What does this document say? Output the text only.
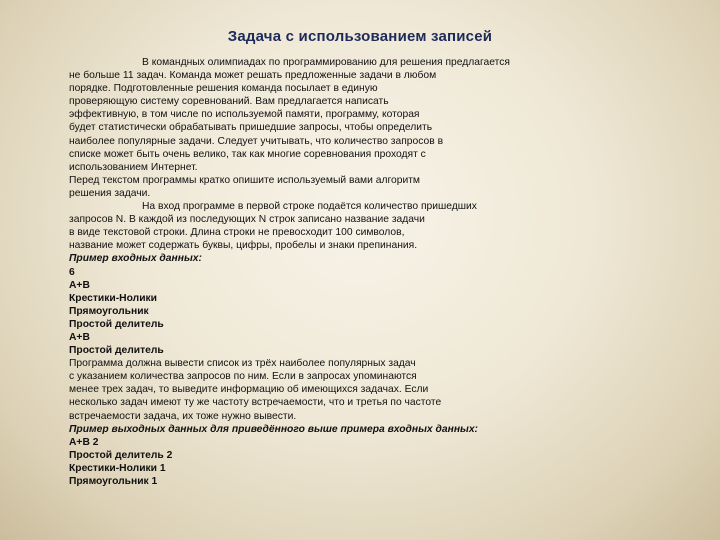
Задача с использованием записей
В командных олимпиадах по программированию для решения предлагается
не больше 11 задач. Команда может решать предложенные задачи в любом
порядке. Подготовленные решения команда посылает в единую
проверяющую систему соревнований. Вам предлагается написать
эффективную, в том числе по используемой памяти, программу, которая
будет статистически обрабатывать пришедшие запросы, чтобы определить
наиболее популярные задачи. Следует учитывать, что количество запросов в
списке может быть очень велико, так как многие соревнования проходят с
использованием Интернет.
Перед текстом программы кратко опишите используемый вами алгоритм
решения задачи.
На вход программе в первой строке подаётся количество пришедших
запросов N. В каждой из последующих N строк записано название задачи
в виде текстовой строки. Длина строки не превосходит 100 символов,
название может содержать буквы, цифры, пробелы и знаки препинания.
Пример входных данных:
6
А+В
Крестики-Нолики
Прямоугольник
Простой делитель
А+В
Простой делитель
Программа должна вывести список из трёх наиболее популярных задач
с указанием количества запросов по ним. Если в запросах упоминаются
менее трех задач, то выведите информацию об имеющихся задачах. Если
несколько задач имеют ту же частоту встречаемости, что и третья по частоте
встречаемости задача, их тоже нужно вывести.
Пример выходных данных для приведённого выше примера входных данных:
А+В 2
Простой делитель 2
Крестики-Нолики 1
Прямоугольник 1
